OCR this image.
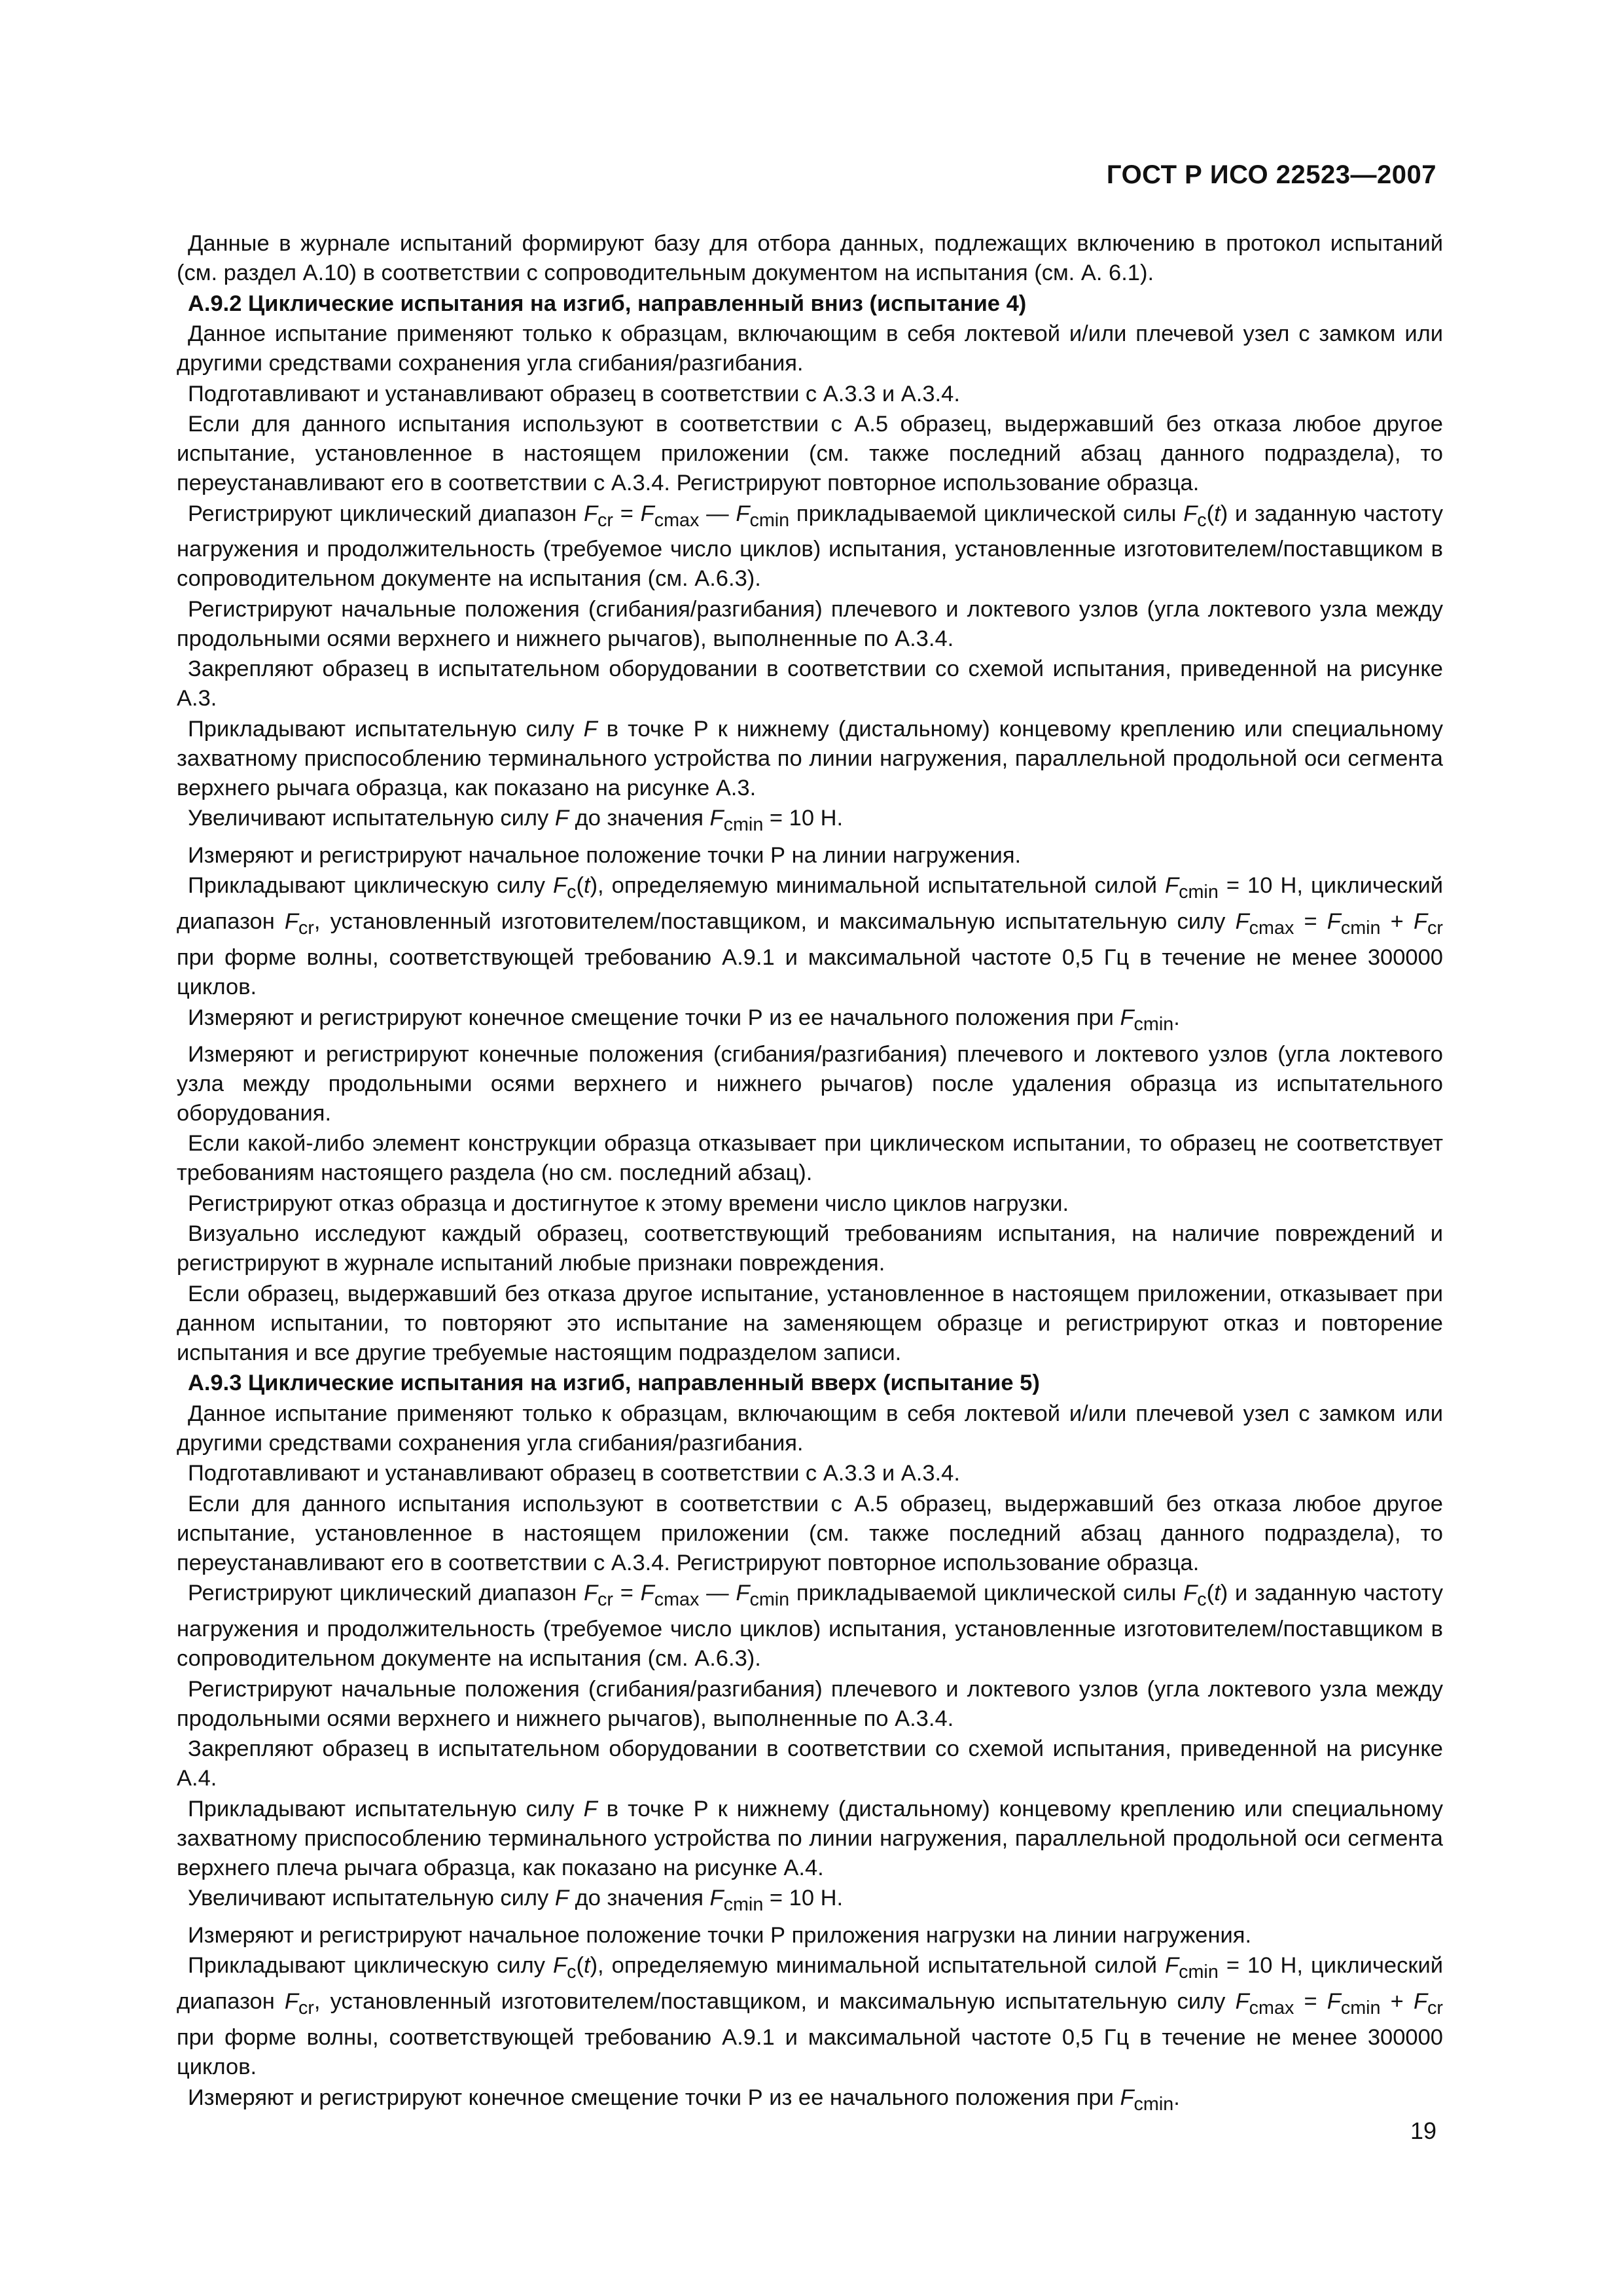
ГОСТ Р ИСО 22523—2007
Данные в журнале испытаний формируют базу для отбора данных, подлежащих включению в протокол испытаний (см. раздел А.10) в соответствии с сопроводительным документом на испытания (см. А. 6.1).
А.9.2 Циклические испытания на изгиб, направленный вниз (испытание 4)
Данное испытание применяют только к образцам, включающим в себя локтевой и/или плечевой узел с замком или другими средствами сохранения угла сгибания/разгибания.
Подготавливают и устанавливают образец в соответствии с А.3.3 и А.3.4.
Если для данного испытания используют в соответствии с А.5 образец, выдержавший без отказа любое другое испытание, установленное в настоящем приложении (см. также последний абзац данного подраздела), то переустанавливают его в соответствии с А.3.4. Регистрируют повторное использование образца.
Регистрируют циклический диапазон $F_{cr} = F_{cmax}$ — $F_{cmin}$ прикладываемой циклической силы $F_c(t)$ и заданную частоту нагружения и продолжительность (требуемое число циклов) испытания, установленные изготовителем/поставщиком в сопроводительном документе на испытания (см. А.6.3).
Регистрируют начальные положения (сгибания/разгибания) плечевого и локтевого узлов (угла локтевого узла между продольными осями верхнего и нижнего рычагов), выполненные по А.3.4.
Закрепляют образец в испытательном оборудовании в соответствии со схемой испытания, приведенной на рисунке А.3.
Прикладывают испытательную силу F в точке Р к нижнему (дистальному) концевому креплению или специальному захватному приспособлению терминального устройства по линии нагружения, параллельной продольной оси сегмента верхнего рычага образца, как показано на рисунке А.3.
Увеличивают испытательную силу F до значения $F_{cmin} = 10$ Н.
Измеряют и регистрируют начальное положение точки Р на линии нагружения.
Прикладывают циклическую силу $F_c(t)$, определяемую минимальной испытательной силой $F_{cmin} = 10$ Н, циклический диапазон $F_{cr}$, установленный изготовителем/поставщиком, и максимальную испытательную силу $F_{cmax} = F_{cmin} + F_{cr}$ при форме волны, соответствующей требованию А.9.1 и максимальной частоте 0,5 Гц в течение не менее 300000 циклов.
Измеряют и регистрируют конечное смещение точки Р из ее начального положения при $F_{cmin}$.
Измеряют и регистрируют конечные положения (сгибания/разгибания) плечевого и локтевого узлов (угла локтевого узла между продольными осями верхнего и нижнего рычагов) после удаления образца из испытательного оборудования.
Если какой-либо элемент конструкции образца отказывает при циклическом испытании, то образец не соответствует требованиям настоящего раздела (но см. последний абзац).
Регистрируют отказ образца и достигнутое к этому времени число циклов нагрузки.
Визуально исследуют каждый образец, соответствующий требованиям испытания, на наличие повреждений и регистрируют в журнале испытаний любые признаки повреждения.
Если образец, выдержавший без отказа другое испытание, установленное в настоящем приложении, отказывает при данном испытании, то повторяют это испытание на заменяющем образце и регистрируют отказ и повторение испытания и все другие требуемые настоящим подразделом записи.
А.9.3 Циклические испытания на изгиб, направленный вверх (испытание 5)
Данное испытание применяют только к образцам, включающим в себя локтевой и/или плечевой узел с замком или другими средствами сохранения угла сгибания/разгибания.
Подготавливают и устанавливают образец в соответствии с А.3.3 и А.3.4.
Если для данного испытания используют в соответствии с А.5 образец, выдержавший без отказа любое другое испытание, установленное в настоящем приложении (см. также последний абзац данного подраздела), то переустанавливают его в соответствии с А.3.4. Регистрируют повторное использование образца.
Регистрируют циклический диапазон $F_{cr} = F_{cmax}$ — $F_{cmin}$ прикладываемой циклической силы $F_c(t)$ и заданную частоту нагружения и продолжительность (требуемое число циклов) испытания, установленные изготовителем/поставщиком в сопроводительном документе на испытания (см. А.6.3).
Регистрируют начальные положения (сгибания/разгибания) плечевого и локтевого узлов (угла локтевого узла между продольными осями верхнего и нижнего рычагов), выполненные по А.3.4.
Закрепляют образец в испытательном оборудовании в соответствии со схемой испытания, приведенной на рисунке А.4.
Прикладывают испытательную силу F в точке Р к нижнему (дистальному) концевому креплению или специальному захватному приспособлению терминального устройства по линии нагружения, параллельной продольной оси сегмента верхнего плеча рычага образца, как показано на рисунке А.4.
Увеличивают испытательную силу F до значения $F_{cmin} = 10$ Н.
Измеряют и регистрируют начальное положение точки Р приложения нагрузки на линии нагружения.
Прикладывают циклическую силу $F_c(t)$, определяемую минимальной испытательной силой $F_{cmin} = 10$ Н, циклический диапазон $F_{cr}$, установленный изготовителем/поставщиком, и максимальную испытательную силу $F_{cmax} = F_{cmin} + F_{cr}$ при форме волны, соответствующей требованию А.9.1 и максимальной частоте 0,5 Гц в течение не менее 300000 циклов.
Измеряют и регистрируют конечное смещение точки Р из ее начального положения при $F_{cmin}$.
19
